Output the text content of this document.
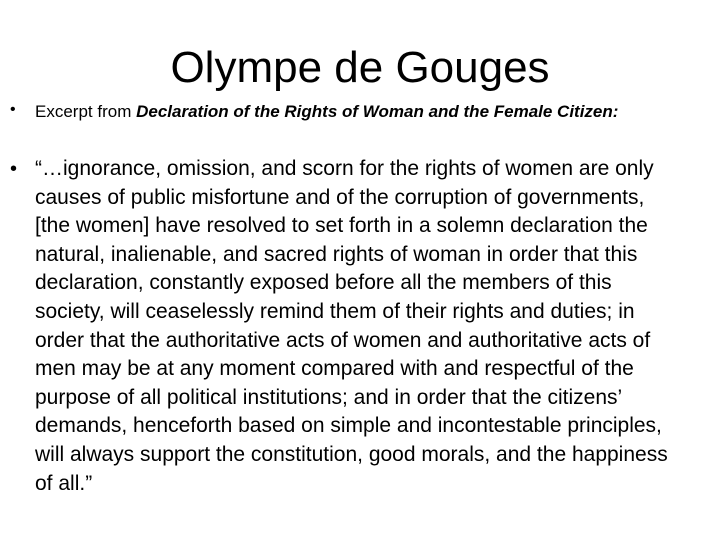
Olympe de Gouges
• Excerpt from Declaration of the Rights of Woman and the Female Citizen:
• “…ignorance, omission, and scorn for the rights of women are only causes of public misfortune and of the corruption of governments, [the women] have resolved to set forth in a solemn declaration the natural, inalienable, and sacred rights of woman in order that this declaration, constantly exposed before all the members of this society, will ceaselessly remind them of their rights and duties; in order that the authoritative acts of women and authoritative acts of men may be at any moment compared with and respectful of the purpose of all political institutions; and in order that the citizens’ demands, henceforth based on simple and incontestable principles, will always support the constitution, good morals, and the happiness of all.”
